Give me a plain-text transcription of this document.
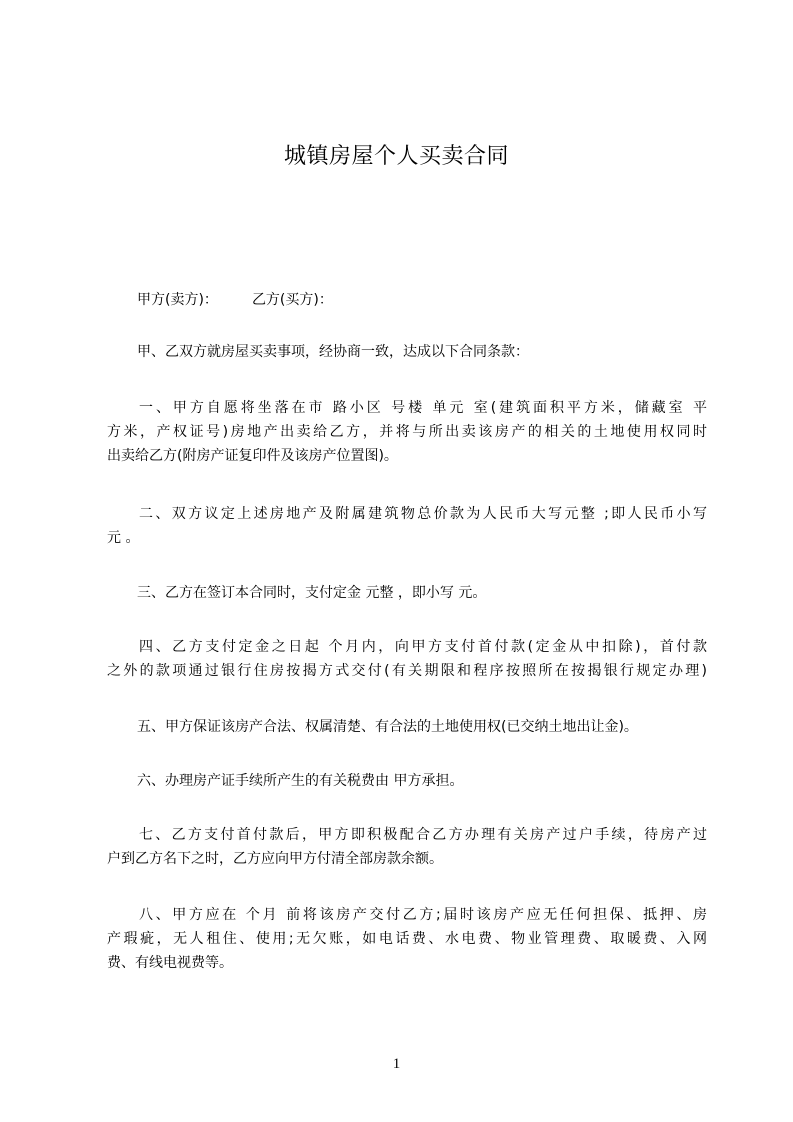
城镇房屋个人买卖合同
甲方(卖方)： 乙方(买方)：
甲、乙双方就房屋买卖事项，经协商一致，达成以下合同条款：
一、甲方自愿将坐落在市 路小区 号楼 单元 室(建筑面积平方米，储藏室 平
方米，产权证号)房地产出卖给乙方，并将与所出卖该房产的相关的土地使用权同时
出卖给乙方(附房产证复印件及该房产位置图)。
二、双方议定上述房地产及附属建筑物总价款为人民币大写元整 ;即人民币小写
元 。
三、乙方在签订本合同时，支付定金 元整 ，即小写 元。
四、乙方支付定金之日起 个月内，向甲方支付首付款(定金从中扣除)，首付款
之外的款项通过银行住房按揭方式交付(有关期限和程序按照所在按揭银行规定办理)
五、甲方保证该房产合法、权属清楚、有合法的土地使用权(已交纳土地出让金)。
六、办理房产证手续所产生的有关税费由 甲方承担。
七、乙方支付首付款后，甲方即积极配合乙方办理有关房产过户手续，待房产过
户到乙方名下之时，乙方应向甲方付清全部房款余额。
八、甲方应在 个月 前将该房产交付乙方;届时该房产应无任何担保、抵押、房
产瑕疵，无人租住、使用;无欠账，如电话费、水电费、物业管理费、取暖费、入网
费、有线电视费等。
1
